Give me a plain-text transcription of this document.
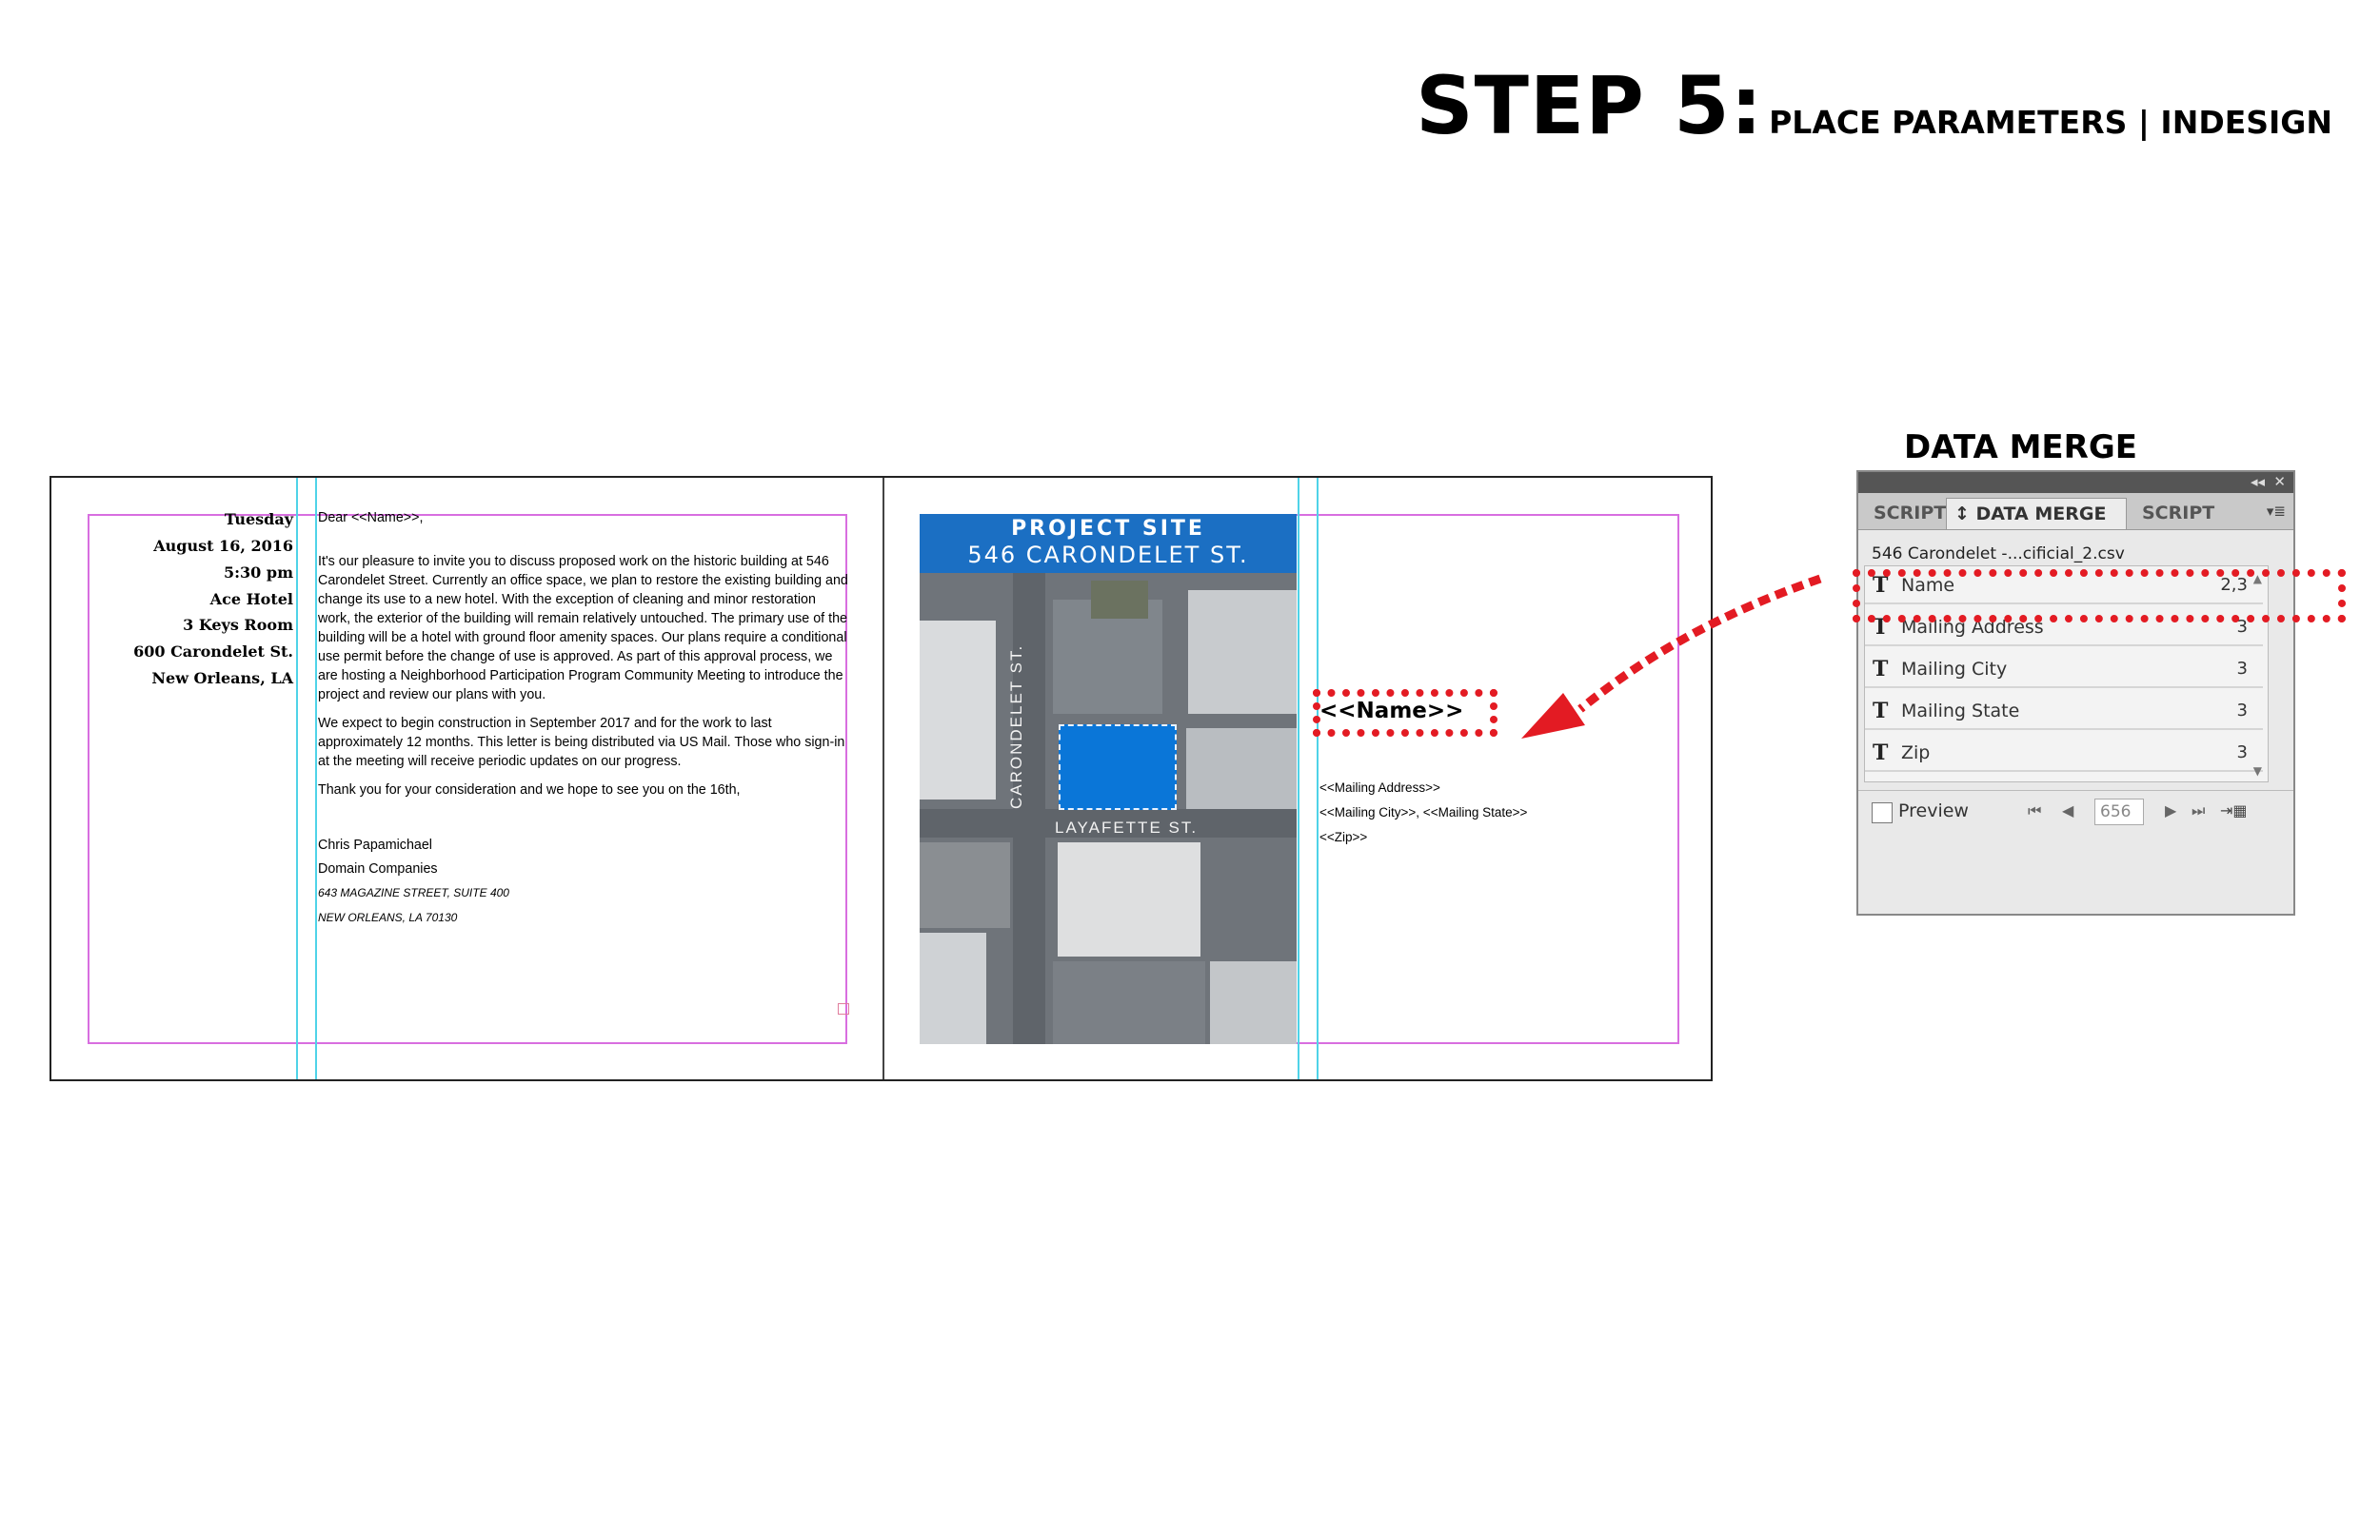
STEP 5: PLACE PARAMETERS | INDESIGN
Tuesday
August 16, 2016
5:30 pm
Ace Hotel
3 Keys Room
600 Carondelet St.
New Orleans, LA

Dear <<Name>>,

It's our pleasure to invite you to discuss proposed work on the historic building at 546 Carondelet Street. Currently an office space, we plan to restore the existing building and change its use to a new hotel. With the exception of cleaning and minor restoration work, the exterior of the building will remain relatively untouched. The primary use of the building will be a hotel with ground floor amenity spaces. Our plans require a conditional use permit before the change of use is approved. As part of this approval process, we are hosting a Neighborhood Participation Program Community Meeting to introduce the project and review our plans with you.

We expect to begin construction in September 2017 and for the work to last approximately 12 months. This letter is being distributed via US Mail. Those who sign-in at the meeting will receive periodic updates on our progress.

Thank you for your consideration and we hope to see you on the 16th,

Chris Papamichael

Domain Companies

643 MAGAZINE STREET, SUITE 400

NEW ORLEANS, LA 70130

CARONDELET ST.
LAYAFETTE ST.
PROJECT SITE
546 CARONDELET ST.
<<Name>>
<<Mailing Address>>
<<Mailing City>>, <<Mailing State>>
<<Zip>>
DATA MERGE
◂◂ ✕
SCRIPT ↕ DATA MERGE	SCRIPT	▾≣
546 Carondelet -...cificial_2.csv
T Name	2,3
T Mailing Address	3
T Mailing City	3
T Mailing State	3
T Zip	3
▲
▼
Preview	⏮ ◀	656	▶ ⏭ ⇥▦
